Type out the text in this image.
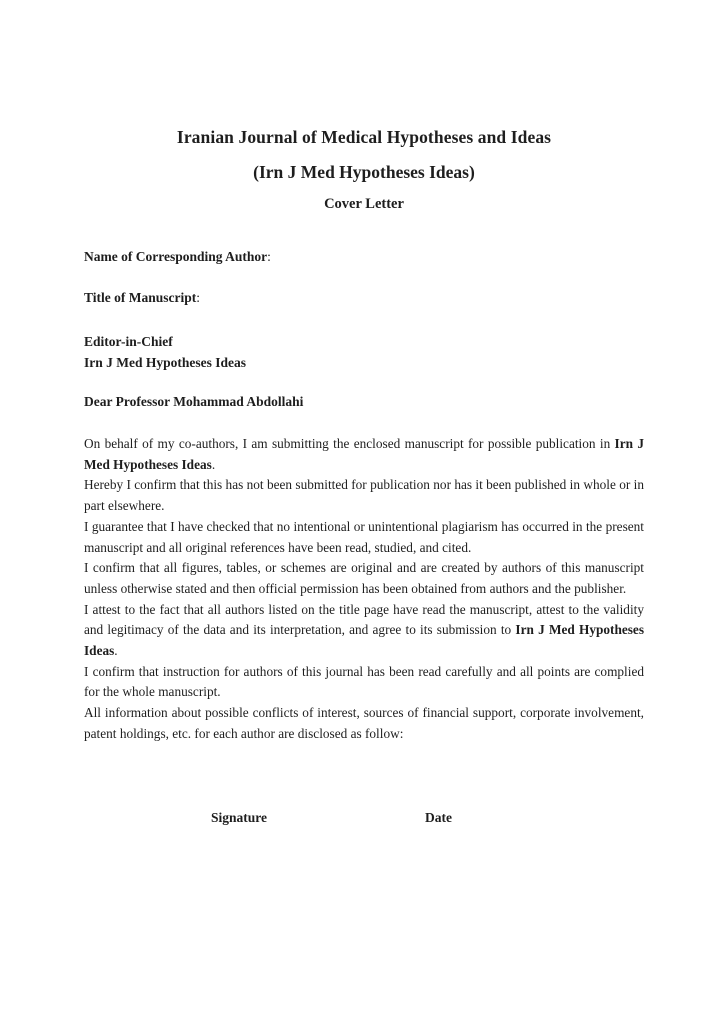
Iranian Journal of Medical Hypotheses and Ideas
(Irn J Med Hypotheses Ideas)
Cover Letter
Name of Corresponding Author:
Title of Manuscript:
Editor-in-Chief
Irn J Med Hypotheses Ideas
Dear Professor Mohammad Abdollahi

On behalf of my co-authors, I am submitting the enclosed manuscript for possible publication in Irn J Med Hypotheses Ideas.

Hereby I confirm that this has not been submitted for publication nor has it been published in whole or in part elsewhere.

I guarantee that I have checked that no intentional or unintentional plagiarism has occurred in the present manuscript and all original references have been read, studied, and cited.

I confirm that all figures, tables, or schemes are original and are created by authors of this manuscript unless otherwise stated and then official permission has been obtained from authors and the publisher.

I attest to the fact that all authors listed on the title page have read the manuscript, attest to the validity and legitimacy of the data and its interpretation, and agree to its submission to Irn J Med Hypotheses Ideas.

I confirm that instruction for authors of this journal has been read carefully and all points are complied for the whole manuscript.

All information about possible conflicts of interest, sources of financial support, corporate involvement, patent holdings, etc. for each author are disclosed as follow:

Signature	Date
